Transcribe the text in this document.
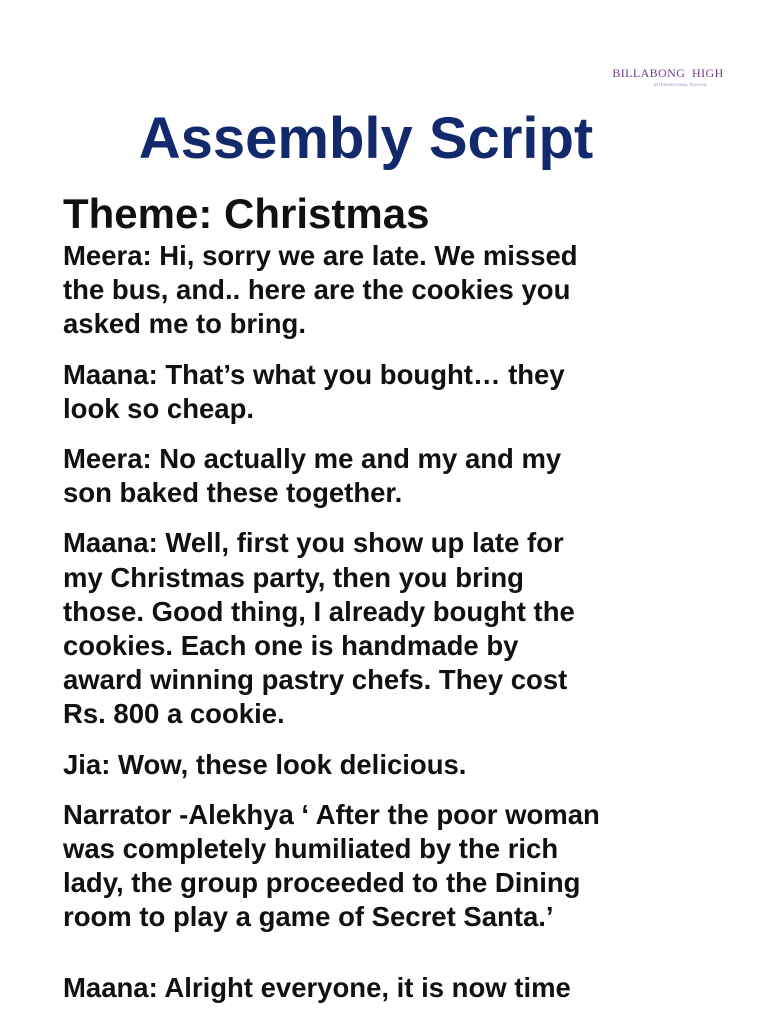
BILLABONG  HIGH
INTERNATIONAL SCHOOL
Assembly Script
Theme: Christmas

Meera: Hi, sorry we are late. We missed
the bus, and.. here are the cookies you
asked me to bring.

Maana: That’s what you bought… they
look so cheap.

Meera: No actually me and my and my
son baked these together.

Maana: Well, first you show up late for
my Christmas party, then you bring
those. Good thing, I already bought the
cookies. Each one is handmade by
award winning pastry chefs. They cost
Rs. 800 a cookie.

Jia: Wow, these look delicious.

Narrator -Alekhya ‘ After the poor woman
was completely humiliated by the rich
lady, the group proceeded to the Dining
room to play a game of Secret Santa.’

Maana: Alright everyone, it is now time
